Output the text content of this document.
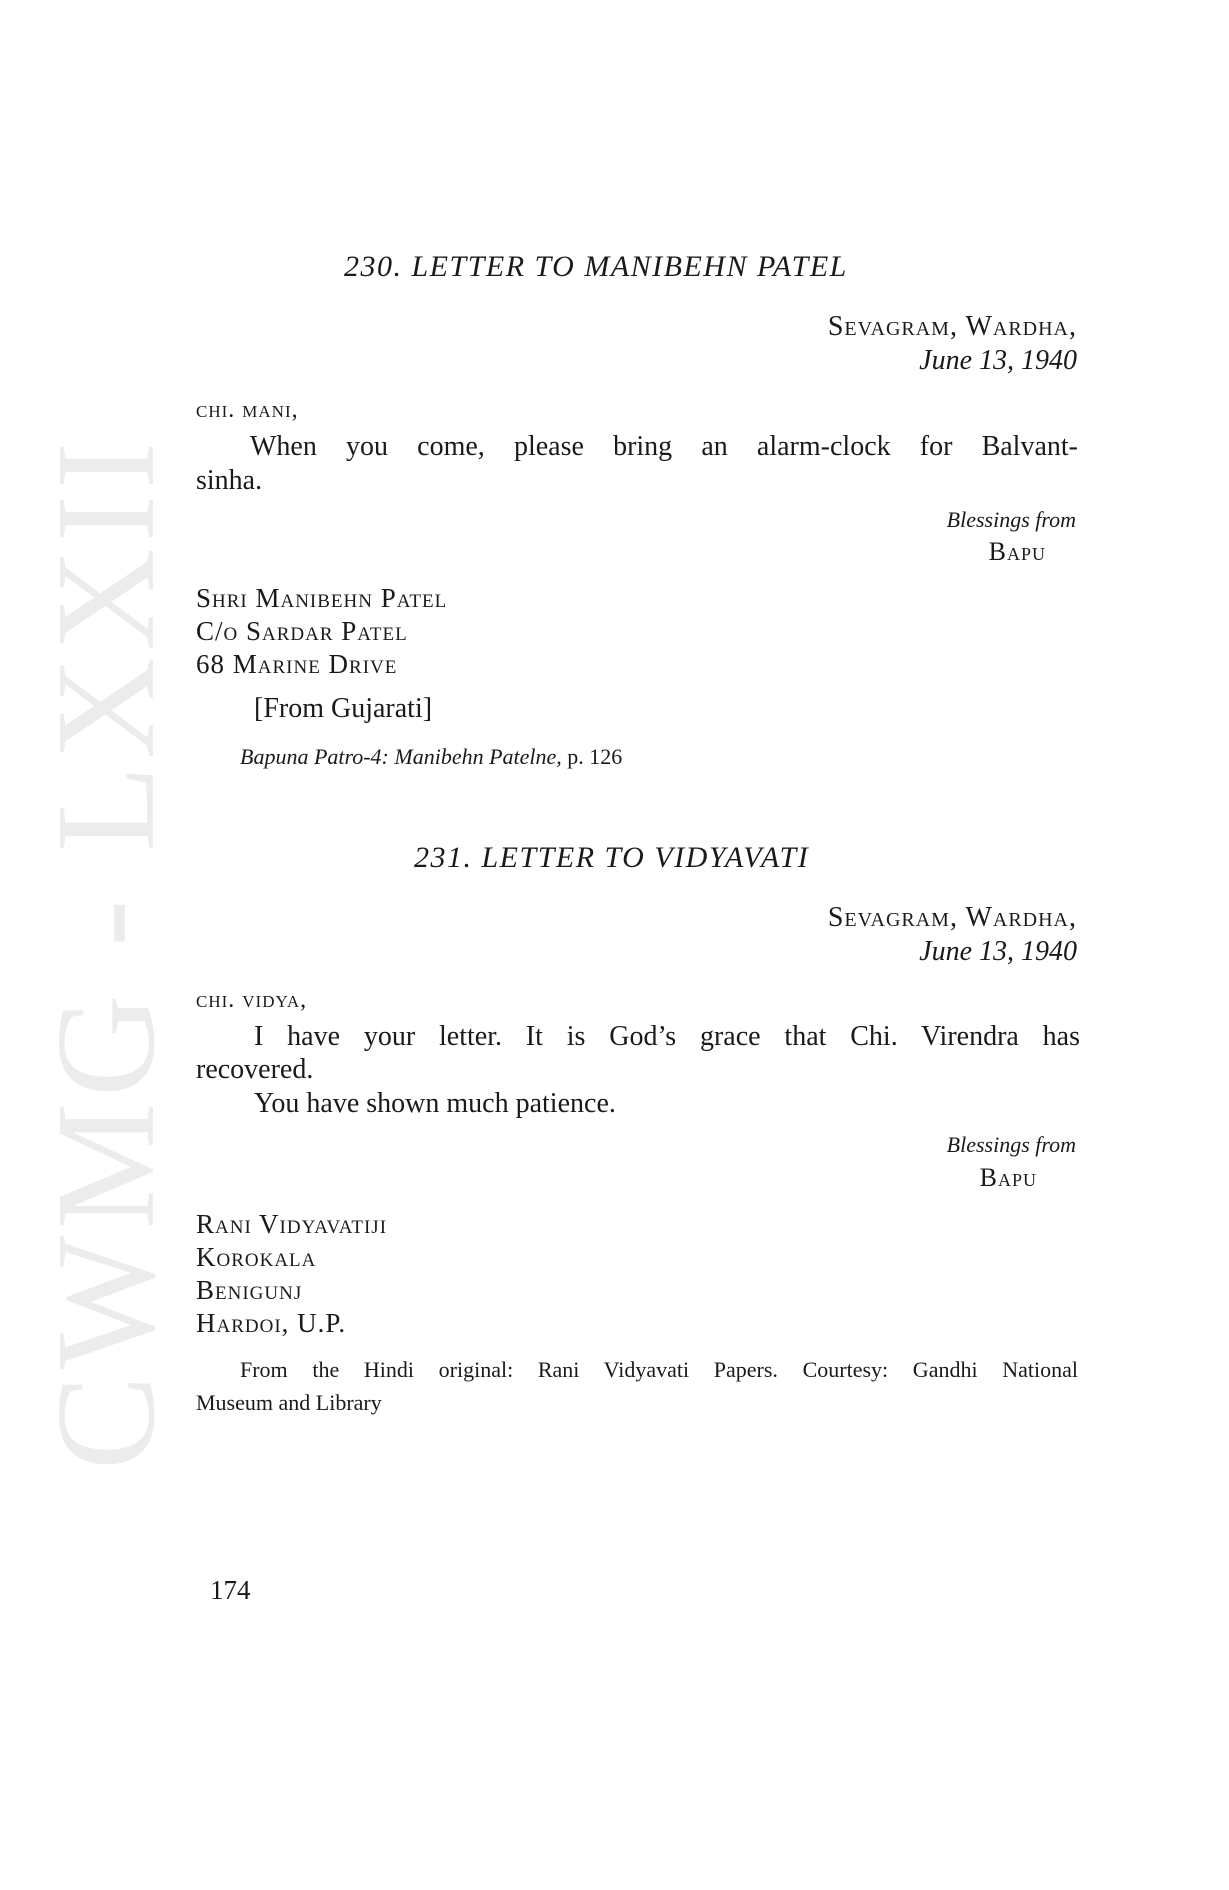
CWMG - LXXII
230. LETTER TO MANIBEHN PATEL
Sevagram, Wardha,
June 13, 1940
chi. mani,
When you come, please bring an alarm-clock for Balvant-
sinha.
Blessings from
Bapu
Shri Manibehn Patel
C/o Sardar Patel
68 Marine Drive
[From Gujarati]
Bapuna Patro-4: Manibehn Patelne, p. 126
231. LETTER TO VIDYAVATI
Sevagram, Wardha,
June 13, 1940
chi. vidya,
I have your letter. It is God’s grace that Chi. Virendra has
recovered.
You have shown much patience.
Blessings from
Bapu
Rani Vidyavatiji
Korokala
Benigunj
Hardoi, U.P.
From the Hindi original: Rani Vidyavati Papers. Courtesy: Gandhi National
Museum and Library
174
